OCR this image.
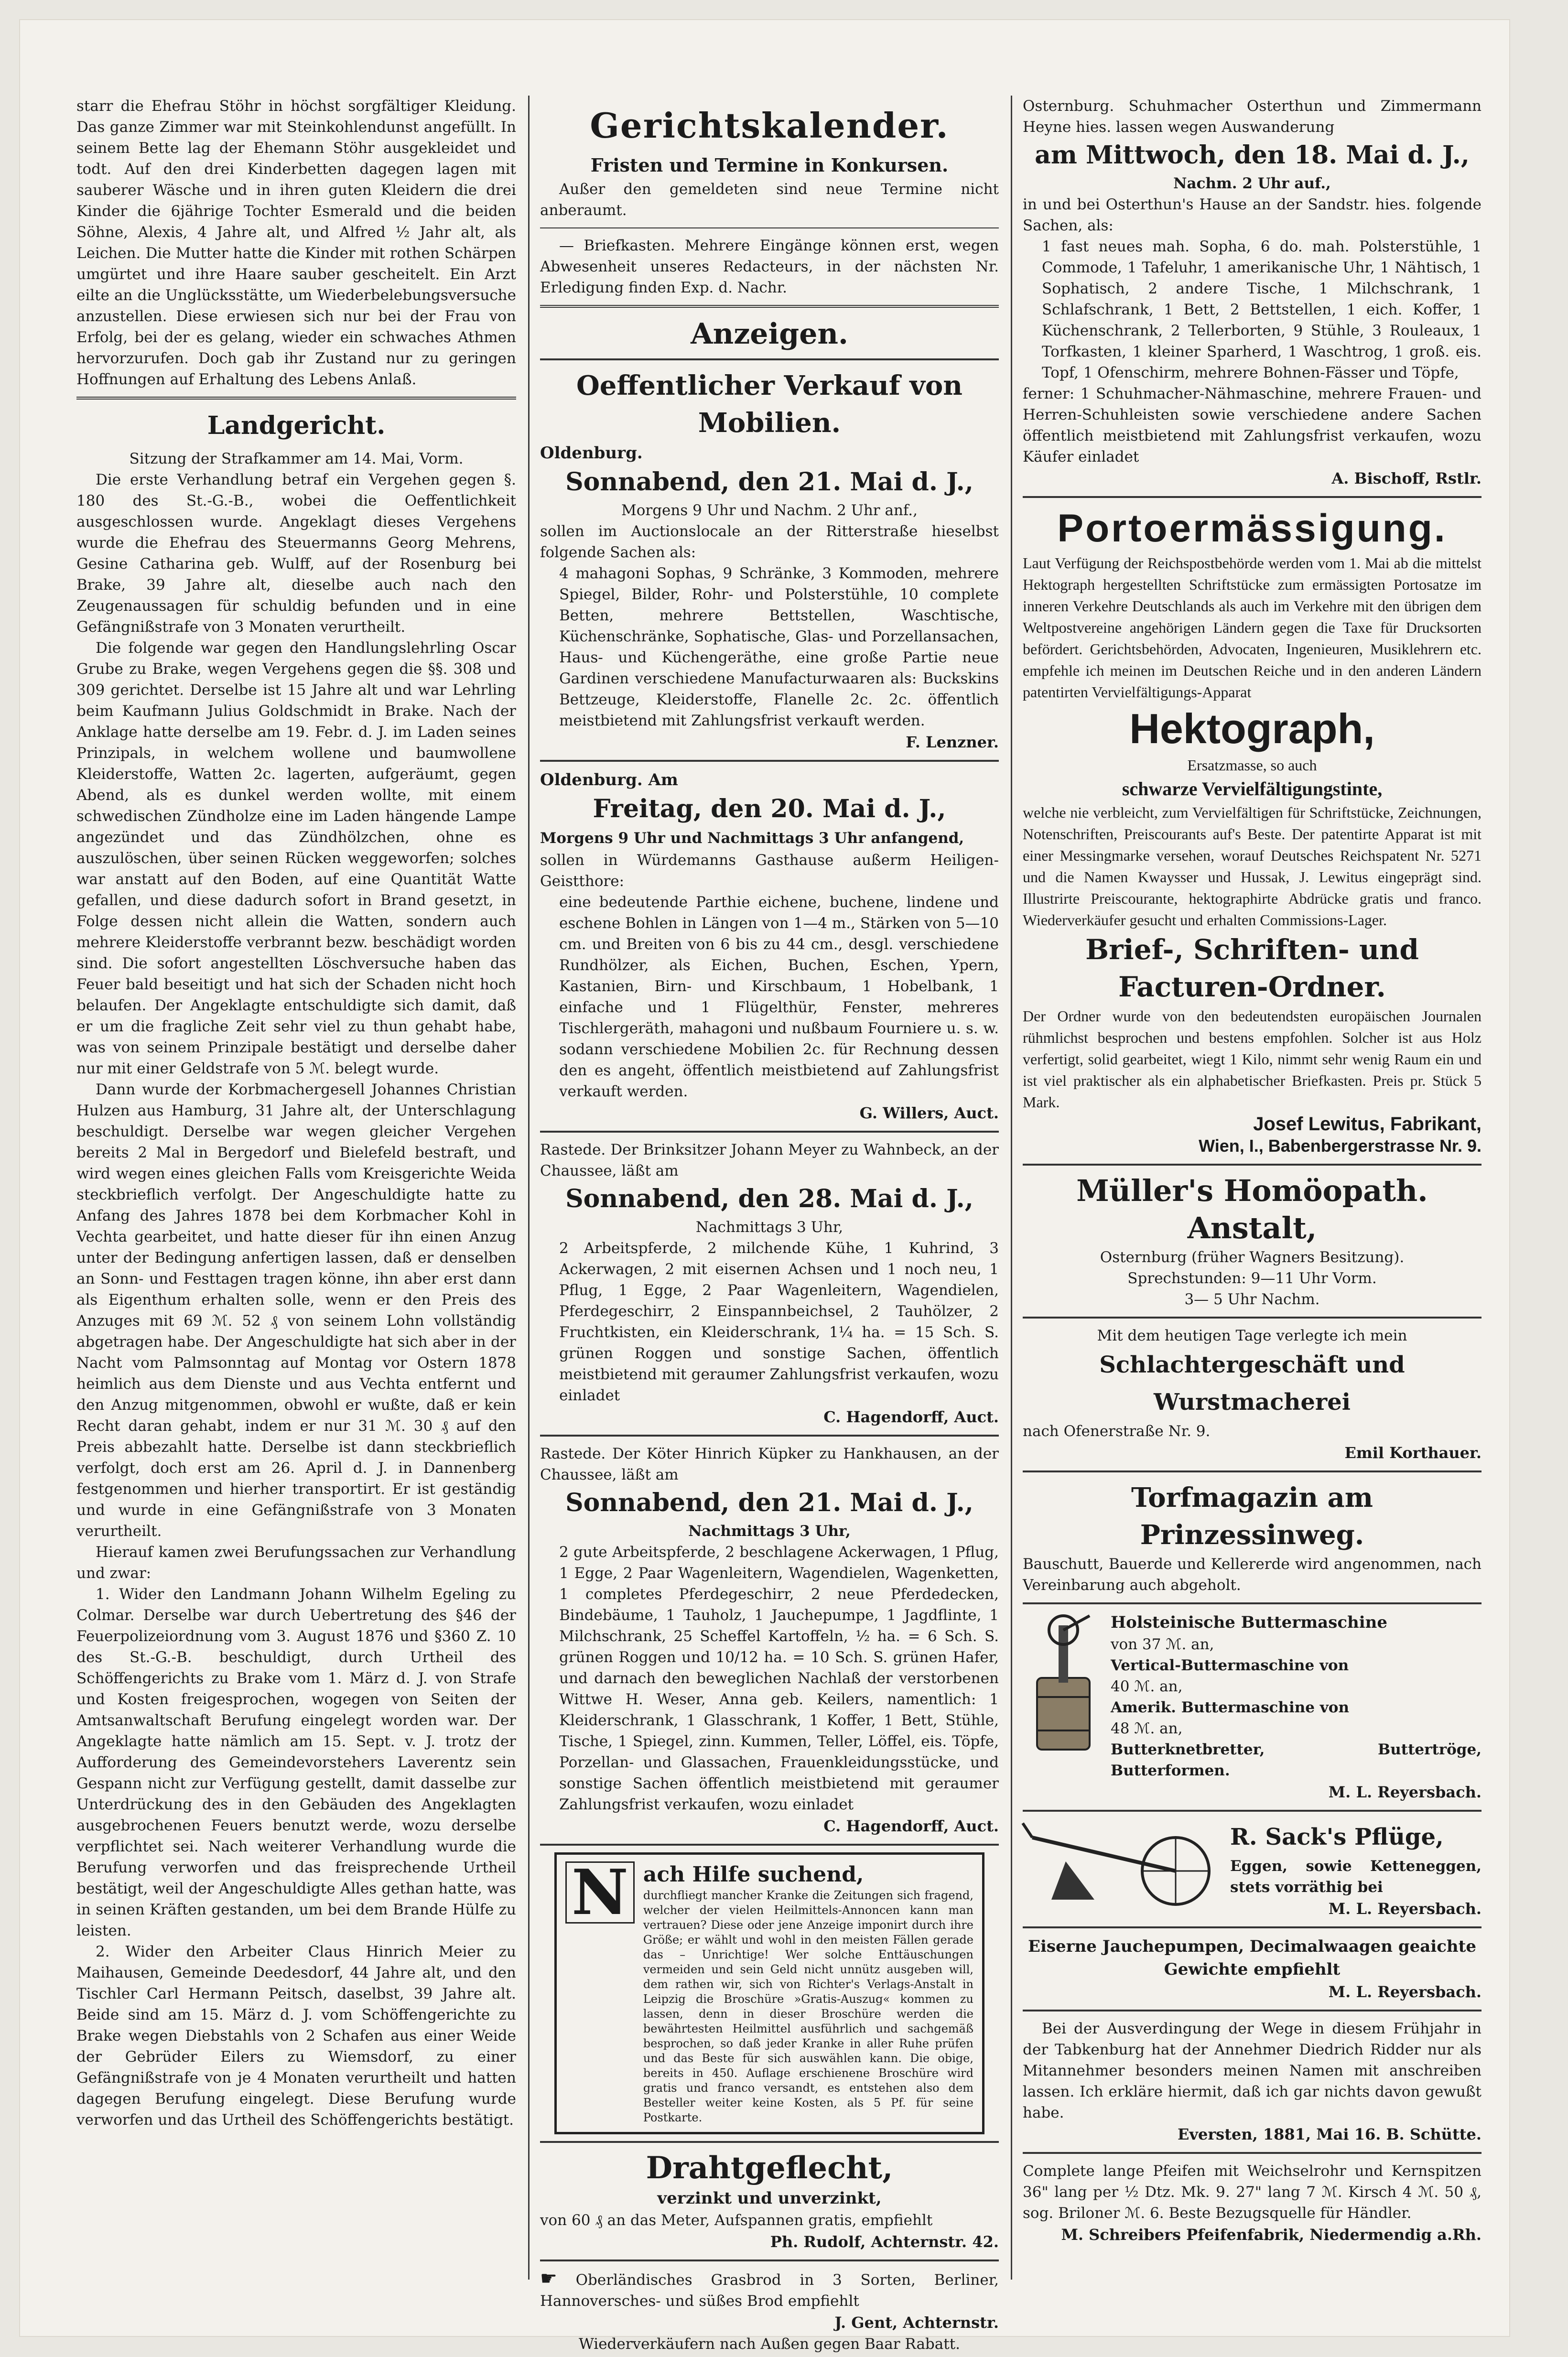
starr die Ehefrau Stöhr in höchst sorgfältiger Kleidung. Das ganze Zimmer war mit Steinkohlendunst angefüllt. In seinem Bette lag der Ehemann Stöhr ausgekleidet und todt. Auf den drei Kinderbetten dagegen lagen mit sauberer Wäsche und in ihren guten Kleidern die drei Kinder die 6jährige Tochter Esmerald und die beiden Söhne, Alexis, 4 Jahre alt, und Alfred ½ Jahr alt, als Leichen. Die Mutter hatte die Kinder mit rothen Schärpen umgürtet und ihre Haare sauber gescheitelt. Ein Arzt eilte an die Unglücksstätte, um Wiederbelebungsversuche anzustellen. Diese erwiesen sich nur bei der Frau von Erfolg, bei der es gelang, wieder ein schwaches Athmen hervorzurufen. Doch gab ihr Zustand nur zu geringen Hoffnungen auf Erhaltung des Lebens Anlaß.

Landgericht.

Sitzung der Strafkammer am 14. Mai, Vorm.

Die erste Verhandlung betraf ein Vergehen gegen §. 180 des St.-G.-B., wobei die Oeffentlichkeit ausgeschlossen wurde. Angeklagt dieses Vergehens wurde die Ehefrau des Steuermanns Georg Mehrens, Gesine Catharina geb. Wulff, auf der Rosenburg bei Brake, 39 Jahre alt, dieselbe auch nach den Zeugenaussagen für schuldig befunden und in eine Gefängnißstrafe von 3 Monaten verurtheilt.

Die folgende war gegen den Handlungslehrling Oscar Grube zu Brake, wegen Vergehens gegen die §§. 308 und 309 gerichtet. Derselbe ist 15 Jahre alt und war Lehrling beim Kaufmann Julius Goldschmidt in Brake. Nach der Anklage hatte derselbe am 19. Febr. d. J. im Laden seines Prinzipals, in welchem wollene und baumwollene Kleiderstoffe, Watten 2c. lagerten, aufgeräumt, gegen Abend, als es dunkel werden wollte, mit einem schwedischen Zündholze eine im Laden hängende Lampe angezündet und das Zündhölzchen, ohne es auszulöschen, über seinen Rücken weggeworfen; solches war anstatt auf den Boden, auf eine Quantität Watte gefallen, und diese dadurch sofort in Brand gesetzt, in Folge dessen nicht allein die Watten, sondern auch mehrere Kleiderstoffe verbrannt bezw. beschädigt worden sind. Die sofort angestellten Löschversuche haben das Feuer bald beseitigt und hat sich der Schaden nicht hoch belaufen. Der Angeklagte entschuldigte sich damit, daß er um die fragliche Zeit sehr viel zu thun gehabt habe, was von seinem Prinzipale bestätigt und derselbe daher nur mit einer Geldstrafe von 5 ℳ. belegt wurde.

Dann wurde der Korbmachergesell Johannes Christian Hulzen aus Hamburg, 31 Jahre alt, der Unterschlagung beschuldigt. Derselbe war wegen gleicher Vergehen bereits 2 Mal in Bergedorf und Bielefeld bestraft, und wird wegen eines gleichen Falls vom Kreisgerichte Weida steckbrieflich verfolgt. Der Angeschuldigte hatte zu Anfang des Jahres 1878 bei dem Korbmacher Kohl in Vechta gearbeitet, und hatte dieser für ihn einen Anzug unter der Bedingung anfertigen lassen, daß er denselben an Sonn- und Festtagen tragen könne, ihn aber erst dann als Eigenthum erhalten solle, wenn er den Preis des Anzuges mit 69 ℳ. 52 ₰ von seinem Lohn vollständig abgetragen habe. Der Angeschuldigte hat sich aber in der Nacht vom Palmsonntag auf Montag vor Ostern 1878 heimlich aus dem Dienste und aus Vechta entfernt und den Anzug mitgenommen, obwohl er wußte, daß er kein Recht daran gehabt, indem er nur 31 ℳ. 30 ₰ auf den Preis abbezahlt hatte. Derselbe ist dann steckbrieflich verfolgt, doch erst am 26. April d. J. in Dannenberg festgenommen und hierher transportirt. Er ist geständig und wurde in eine Gefängnißstrafe von 3 Monaten verurtheilt.

Hierauf kamen zwei Berufungssachen zur Verhandlung und zwar:

1. Wider den Landmann Johann Wilhelm Egeling zu Colmar. Derselbe war durch Uebertretung des §46 der Feuerpolizeiordnung vom 3. August 1876 und §360 Z. 10 des St.-G.-B. beschuldigt, durch Urtheil des Schöffengerichts zu Brake vom 1. März d. J. von Strafe und Kosten freigesprochen, wogegen von Seiten der Amtsanwaltschaft Berufung eingelegt worden war. Der Angeklagte hatte nämlich am 15. Sept. v. J. trotz der Aufforderung des Gemeindevorstehers Laverentz sein Gespann nicht zur Verfügung gestellt, damit dasselbe zur Unterdrückung des in den Gebäuden des Angeklagten ausgebrochenen Feuers benutzt werde, wozu derselbe verpflichtet sei. Nach weiterer Verhandlung wurde die Berufung verworfen und das freisprechende Urtheil bestätigt, weil der Angeschuldigte Alles gethan hatte, was in seinen Kräften gestanden, um bei dem Brande Hülfe zu leisten.

2. Wider den Arbeiter Claus Hinrich Meier zu Maihausen, Gemeinde Deedesdorf, 44 Jahre alt, und den Tischler Carl Hermann Peitsch, daselbst, 39 Jahre alt. Beide sind am 15. März d. J. vom Schöffengerichte zu Brake wegen Diebstahls von 2 Schafen aus einer Weide der Gebrüder Eilers zu Wiemsdorf, zu einer Gefängnißstrafe von je 4 Monaten verurtheilt und hatten dagegen Berufung eingelegt. Diese Berufung wurde verworfen und das Urtheil des Schöffengerichts bestätigt.

Gerichtskalender.
Fristen und Termine in Konkursen.

Außer den gemeldeten sind neue Termine nicht anberaumt.

— Briefkasten. Mehrere Eingänge können erst, wegen Abwesenheit unseres Redacteurs, in der nächsten Nr. Erledigung finden Exp. d. Nachr.

Anzeigen.
Oeffentlicher Verkauf von Mobilien.
Oldenburg.
Sonnabend, den 21. Mai d. J.,
Morgens 9 Uhr und Nachm. 2 Uhr anf.,
sollen im Auctionslocale an der Ritterstraße hieselbst folgende Sachen als:
4 mahagoni Sophas, 9 Schränke, 3 Kommoden, mehrere Spiegel, Bilder, Rohr- und Polsterstühle, 10 complete Betten, mehrere Bettstellen, Waschtische, Küchenschränke, Sophatische, Glas- und Porzellansachen, Haus- und Küchengeräthe, eine große Partie neue Gardinen verschiedene Manufacturwaaren als: Buckskins Bettzeuge, Kleiderstoffe, Flanelle 2c. 2c. öffentlich meistbietend mit Zahlungsfrist verkauft werden.
F. Lenzner.
Oldenburg. Am
Freitag, den 20. Mai d. J.,
Morgens 9 Uhr und Nachmittags 3 Uhr anfangend,
sollen in Würdemanns Gasthause außerm Heiligen-Geistthore:
eine bedeutende Parthie eichene, buchene, lindene und eschene Bohlen in Längen von 1—4 m., Stärken von 5—10 cm. und Breiten von 6 bis zu 44 cm., desgl. verschiedene Rundhölzer, als Eichen, Buchen, Eschen, Ypern, Kastanien, Birn- und Kirschbaum, 1 Hobelbank, 1 einfache und 1 Flügelthür, Fenster, mehreres Tischlergeräth, mahagoni und nußbaum Fourniere u. s. w. sodann verschiedene Mobilien 2c. für Rechnung dessen den es angeht, öffentlich meistbietend auf Zahlungsfrist verkauft werden.
G. Willers, Auct.
Rastede. Der Brinksitzer Johann Meyer zu Wahnbeck, an der Chaussee, läßt am
Sonnabend, den 28. Mai d. J.,
Nachmittags 3 Uhr,
2 Arbeitspferde, 2 milchende Kühe, 1 Kuhrind, 3 Ackerwagen, 2 mit eisernen Achsen und 1 noch neu, 1 Pflug, 1 Egge, 2 Paar Wagenleitern, Wagendielen, Pferdegeschirr, 2 Einspannbeichsel, 2 Tauhölzer, 2 Fruchtkisten, ein Kleiderschrank, 1¼ ha. = 15 Sch. S. grünen Roggen und sonstige Sachen, öffentlich meistbietend mit geraumer Zahlungsfrist verkaufen, wozu einladet
C. Hagendorff, Auct.
Rastede. Der Köter Hinrich Küpker zu Hankhausen, an der Chaussee, läßt am
Sonnabend, den 21. Mai d. J.,
Nachmittags 3 Uhr,
2 gute Arbeitspferde, 2 beschlagene Ackerwagen, 1 Pflug, 1 Egge, 2 Paar Wagenleitern, Wagendielen, Wagenketten, 1 completes Pferdegeschirr, 2 neue Pferdedecken, Bindebäume, 1 Tauholz, 1 Jauchepumpe, 1 Jagdflinte, 1 Milchschrank, 25 Scheffel Kartoffeln, ½ ha. = 6 Sch. S. grünen Roggen und 10/12 ha. = 10 Sch. S. grünen Hafer, und darnach den beweglichen Nachlaß der verstorbenen Wittwe H. Weser, Anna geb. Keilers, namentlich: 1 Kleiderschrank, 1 Glasschrank, 1 Koffer, 1 Bett, Stühle, Tische, 1 Spiegel, zinn. Kummen, Teller, Löffel, eis. Töpfe, Porzellan- und Glassachen, Frauenkleidungsstücke, und sonstige Sachen öffentlich meistbietend mit geraumer Zahlungsfrist verkaufen, wozu einladet
C. Hagendorff, Auct.
N ach Hilfe suchend,
durchfliegt mancher Kranke die Zeitungen sich fragend, welcher der vielen Heilmittels-Annoncen kann man vertrauen? Diese oder jene Anzeige imponirt durch ihre Größe; er wählt und wohl in den meisten Fällen gerade das – Unrichtige! Wer solche Enttäuschungen vermeiden und sein Geld nicht unnütz ausgeben will, dem rathen wir, sich von Richter's Verlags-Anstalt in Leipzig die Broschüre »Gratis-Auszug« kommen zu lassen, denn in dieser Broschüre werden die bewährtesten Heilmittel ausführlich und sachgemäß besprochen, so daß jeder Kranke in aller Ruhe prüfen und das Beste für sich auswählen kann. Die obige, bereits in 450. Auflage erschienene Broschüre wird gratis und franco versandt, es entstehen also dem Besteller weiter keine Kosten, als 5 Pf. für seine Postkarte.
Drahtgeflecht,
verzinkt und unverzinkt,
von 60 ₰ an das Meter, Aufspannen gratis, empfiehlt
Ph. Rudolf, Achternstr. 42.
☛ Oberländisches Grasbrod in 3 Sorten, Berliner, Hannoversches- und süßes Brod empfiehlt
J. Gent, Achternstr.
Wiederverkäufern nach Außen gegen Baar Rabatt.
Osternburg. Schuhmacher Osterthun und Zimmermann Heyne hies. lassen wegen Auswanderung
am Mittwoch, den 18. Mai d. J.,
Nachm. 2 Uhr auf.,
in und bei Osterthun's Hause an der Sandstr. hies. folgende Sachen, als:
1 fast neues mah. Sopha, 6 do. mah. Polsterstühle, 1 Commode, 1 Tafeluhr, 1 amerikanische Uhr, 1 Nähtisch, 1 Sophatisch, 2 andere Tische, 1 Milchschrank, 1 Schlafschrank, 1 Bett, 2 Bettstellen, 1 eich. Koffer, 1 Küchenschrank, 2 Tellerborten, 9 Stühle, 3 Rouleaux, 1 Torfkasten, 1 kleiner Sparherd, 1 Waschtrog, 1 groß. eis. Topf, 1 Ofenschirm, mehrere Bohnen-Fässer und Töpfe,
ferner: 1 Schuhmacher-Nähmaschine, mehrere Frauen- und Herren-Schuhleisten sowie verschiedene andere Sachen öffentlich meistbietend mit Zahlungsfrist verkaufen, wozu Käufer einladet
A. Bischoff, Rstlr.
Portoermässigung.
Laut Verfügung der Reichspostbehörde werden vom 1. Mai ab die mittelst Hektograph hergestellten Schriftstücke zum ermässigten Portosatze im inneren Verkehre Deutschlands als auch im Verkehre mit den übrigen dem Weltpostvereine angehörigen Ländern gegen die Taxe für Drucksorten befördert. Gerichtsbehörden, Advocaten, Ingenieuren, Musiklehrern etc. empfehle ich meinen im Deutschen Reiche und in den anderen Ländern patentirten Vervielfältigungs-Apparat
Hektograph,
Ersatzmasse, so auch
schwarze Vervielfältigungstinte,
welche nie verbleicht, zum Vervielfältigen für Schriftstücke, Zeichnungen, Notenschriften, Preiscourants auf's Beste. Der patentirte Apparat ist mit einer Messingmarke versehen, worauf Deutsches Reichspatent Nr. 5271 und die Namen Kwaysser und Hussak, J. Lewitus eingeprägt sind. Illustrirte Preiscourante, hektographirte Abdrücke gratis und franco. Wiederverkäufer gesucht und erhalten Commissions-Lager.
Brief-, Schriften- und Facturen-Ordner.
Der Ordner wurde von den bedeutendsten europäischen Journalen rühmlichst besprochen und bestens empfohlen. Solcher ist aus Holz verfertigt, solid gearbeitet, wiegt 1 Kilo, nimmt sehr wenig Raum ein und ist viel praktischer als ein alphabetischer Briefkasten. Preis pr. Stück 5 Mark.
Josef Lewitus, Fabrikant,
Wien, I., Babenbergerstrasse Nr. 9.
Müller's Homöopath. Anstalt,
Osternburg (früher Wagners Besitzung).
Sprechstunden: 9—11 Uhr Vorm.
3— 5 Uhr Nachm.
Mit dem heutigen Tage verlegte ich mein
Schlachtergeschäft und Wurstmacherei
nach Ofenerstraße Nr. 9.
Emil Korthauer.
Torfmagazin am Prinzessinweg.
Bauschutt, Bauerde und Kellererde wird angenommen, nach Vereinbarung auch abgeholt.
Holsteinische Buttermaschine
von 37 ℳ. an,
Vertical-Buttermaschine von
40 ℳ. an,
Amerik. Buttermaschine von
48 ℳ. an,
Butterknetbretter, Buttertröge, Butterformen.
M. L. Reyersbach.
R. Sack's Pflüge,
Eggen, sowie Ketteneggen, stets vorräthig bei
M. L. Reyersbach.
Eiserne Jauchepumpen, Decimalwaagen geaichte Gewichte empfiehlt
M. L. Reyersbach.
Bei der Ausverdingung der Wege in diesem Frühjahr in der Tabkenburg hat der Annehmer Diedrich Ridder nur als Mitannehmer besonders meinen Namen mit anschreiben lassen. Ich erkläre hiermit, daß ich gar nichts davon gewußt habe.
Eversten, 1881, Mai 16. B. Schütte.
Complete lange Pfeifen mit Weichselrohr und Kernspitzen 36" lang per ½ Dtz. Mk. 9. 27" lang 7 ℳ. Kirsch 4 ℳ. 50 ₰, sog. Briloner ℳ. 6. Beste Bezugsquelle für Händler.
M. Schreibers Pfeifenfabrik, Niedermendig a.Rh.
